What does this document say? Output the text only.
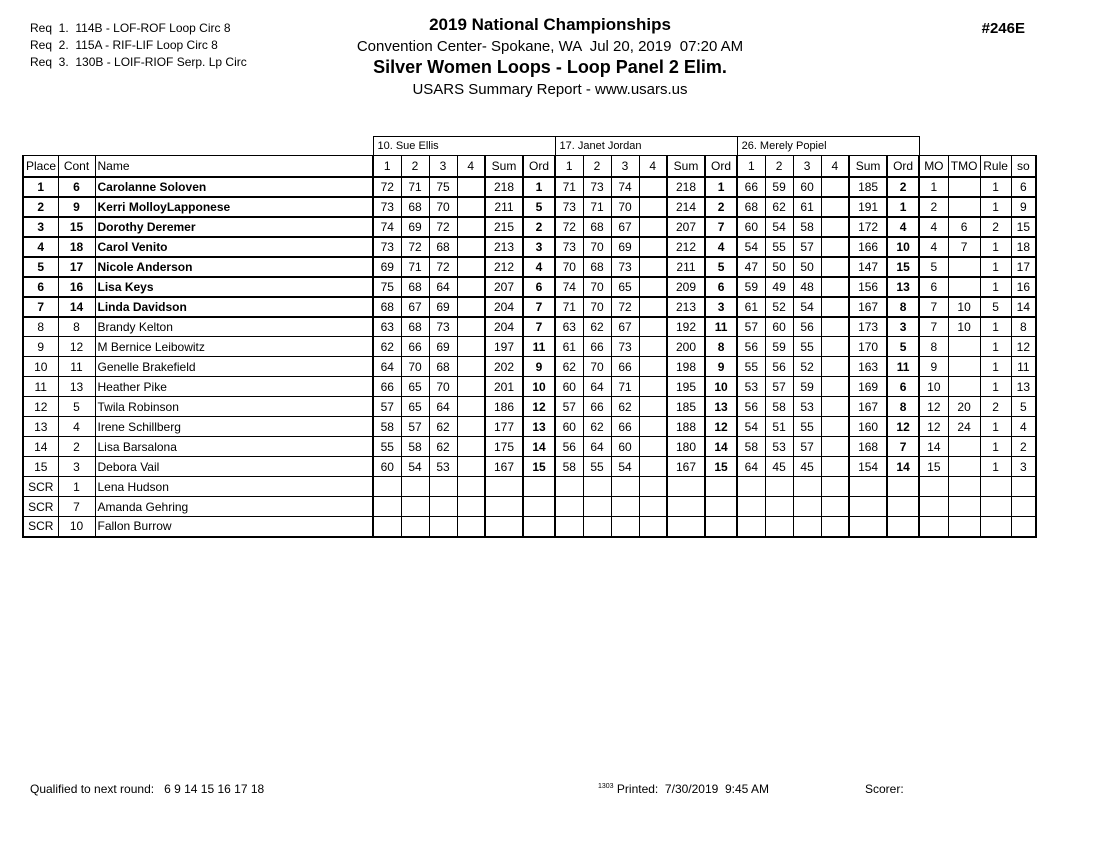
Req  1.  114B - LOF-ROF Loop Circ 8
Req  2.  115A - RIF-LIF Loop Circ 8
Req  3.  130B - LOIF-RIOF Serp. Lp Circ
2019 National Championships
Convention Center- Spokane, WA  Jul 20, 2019  07:20 AM
Silver Women Loops - Loop Panel 2 Elim.
USARS Summary Report - www.usars.us
#246E
			10. Sue Ellis						17. Janet Jordan						26. Merely Popiel									
Place	Cont	Name	1	2	3	4	Sum	Ord	1	2	3	4	Sum	Ord	1	2	3	4	Sum	Ord	MO	TMO	Rule	so
1	6	Carolanne Soloven	72	71	75		218	1	71	73	74		218	1	66	59	60		185	2	1		1	6
2	9	Kerri MolloyLapponese	73	68	70		211	5	73	71	70		214	2	68	62	61		191	1	2		1	9
3	15	Dorothy Deremer	74	69	72		215	2	72	68	67		207	7	60	54	58		172	4	4	6	2	15
4	18	Carol Venito	73	72	68		213	3	73	70	69		212	4	54	55	57		166	10	4	7	1	18
5	17	Nicole Anderson	69	71	72		212	4	70	68	73		211	5	47	50	50		147	15	5		1	17
6	16	Lisa Keys	75	68	64		207	6	74	70	65		209	6	59	49	48		156	13	6		1	16
7	14	Linda Davidson	68	67	69		204	7	71	70	72		213	3	61	52	54		167	8	7	10	5	14
8	8	Brandy Kelton	63	68	73		204	7	63	62	67		192	11	57	60	56		173	3	7	10	1	8
9	12	M Bernice Leibowitz	62	66	69		197	11	61	66	73		200	8	56	59	55		170	5	8		1	12
10	11	Genelle Brakefield	64	70	68		202	9	62	70	66		198	9	55	56	52		163	11	9		1	11
11	13	Heather Pike	66	65	70		201	10	60	64	71		195	10	53	57	59		169	6	10		1	13
12	5	Twila Robinson	57	65	64		186	12	57	66	62		185	13	56	58	53		167	8	12	20	2	5
13	4	Irene Schillberg	58	57	62		177	13	60	62	66		188	12	54	51	55		160	12	12	24	1	4
14	2	Lisa Barsalona	55	58	62		175	14	56	64	60		180	14	58	53	57		168	7	14		1	2
15	3	Debora Vail	60	54	53		167	15	58	55	54		167	15	64	45	45		154	14	15		1	3
SCR	1	Lena Hudson																						
SCR	7	Amanda Gehring																						
SCR	10	Fallon Burrow																						
Qualified to next round:   6 9 14 15 16 17 18	$^{1303}$ Printed:  7/30/2019  9:45 AM	Scorer:
